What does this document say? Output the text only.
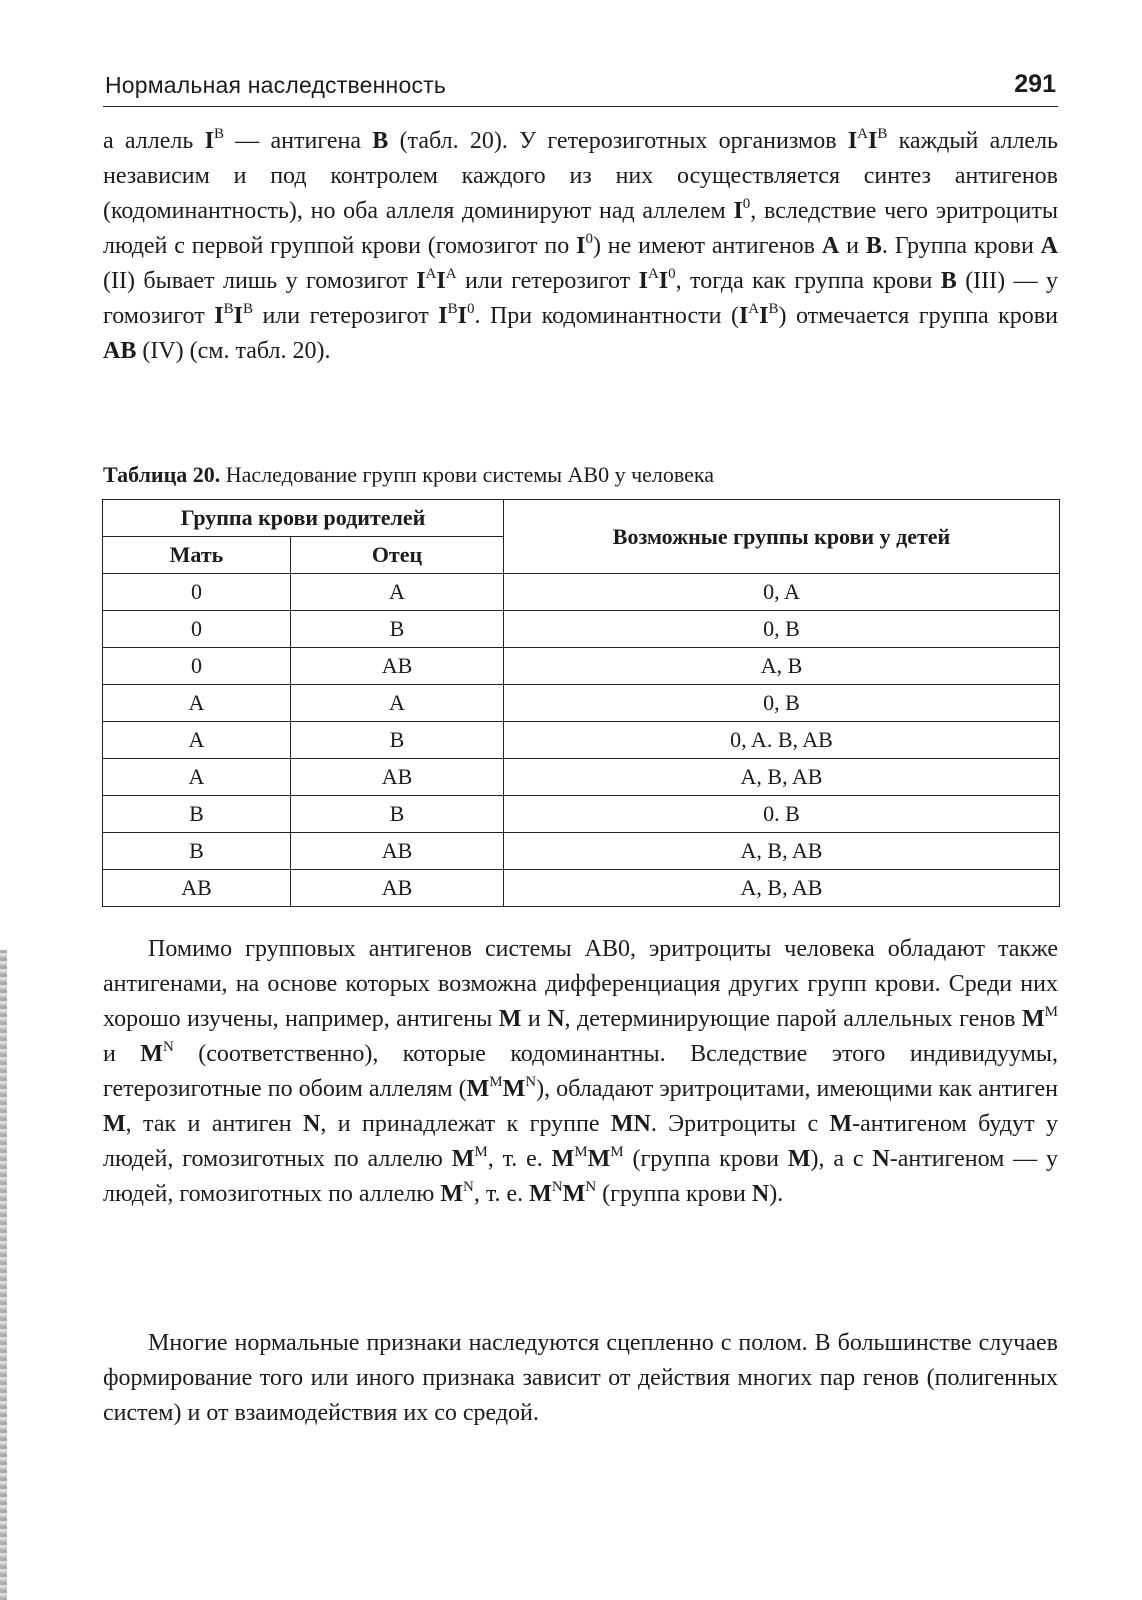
Нормальная наследственность	291

а аллель $I^B$ — антигена B (табл. 20). У гетерозиготных организмов $I^AI^B$ каждый аллель независим и под контролем каждого из них осуществляется синтез антигенов (кодоминантность), но оба аллеля доминируют над аллелем $I^0$, вследствие чего эритроциты людей с первой группой крови (гомозигот по $I^0$) не имеют антигенов A и B. Группа крови A (II) бывает лишь у гомозигот $I^AI^A$ или гетерозигот $I^AI^0$, тогда как группа крови B (III) — у гомозигот $I^BI^B$ или гетерозигот $I^BI^0$. При кодоминантности $(I^AI^B)$ отмечается группа крови AB (IV) (см. табл. 20).

Таблица 20. Наследование групп крови системы AB0 у человека
Группа крови родителей		Возможные группы крови у детей
Мать	Отец	
0	A	0, A
0	B	0, B
0	AB	A, B
A	A	0, B
A	B	0, A. B, AB
A	AB	A, B, AB
B	B	0. B
B	AB	A, B, AB
AB	AB	A, B, AB

Помимо групповых антигенов системы AB0, эритроциты человека обладают также антигенами, на основе которых возможна дифференциация других групп крови. Среди них хорошо изучены, например, антигены M и N, детерминирующие парой аллельных генов $M^M$ и $M^N$ (соответственно), которые кодоминантны. Вследствие этого индивидуумы, гетерозиготные по обоим аллелям $(M^MM^N)$, обладают эритроцитами, имеющими как антиген M, так и антиген N, и принадлежат к группе MN. Эритроциты с M-антигеном будут у людей, гомозиготных по аллелю $M^M$, т. е. $M^MM^M$ (группа крови M), а с N-антигеном — у людей, гомозиготных по аллелю $M^N$, т. е. $M^NM^N$ (группа крови N).

Многие нормальные признаки наследуются сцепленно с полом. В большинстве случаев формирование того или иного признака зависит от действия многих пар генов (полигенных систем) и от взаимодействия их со средой.
